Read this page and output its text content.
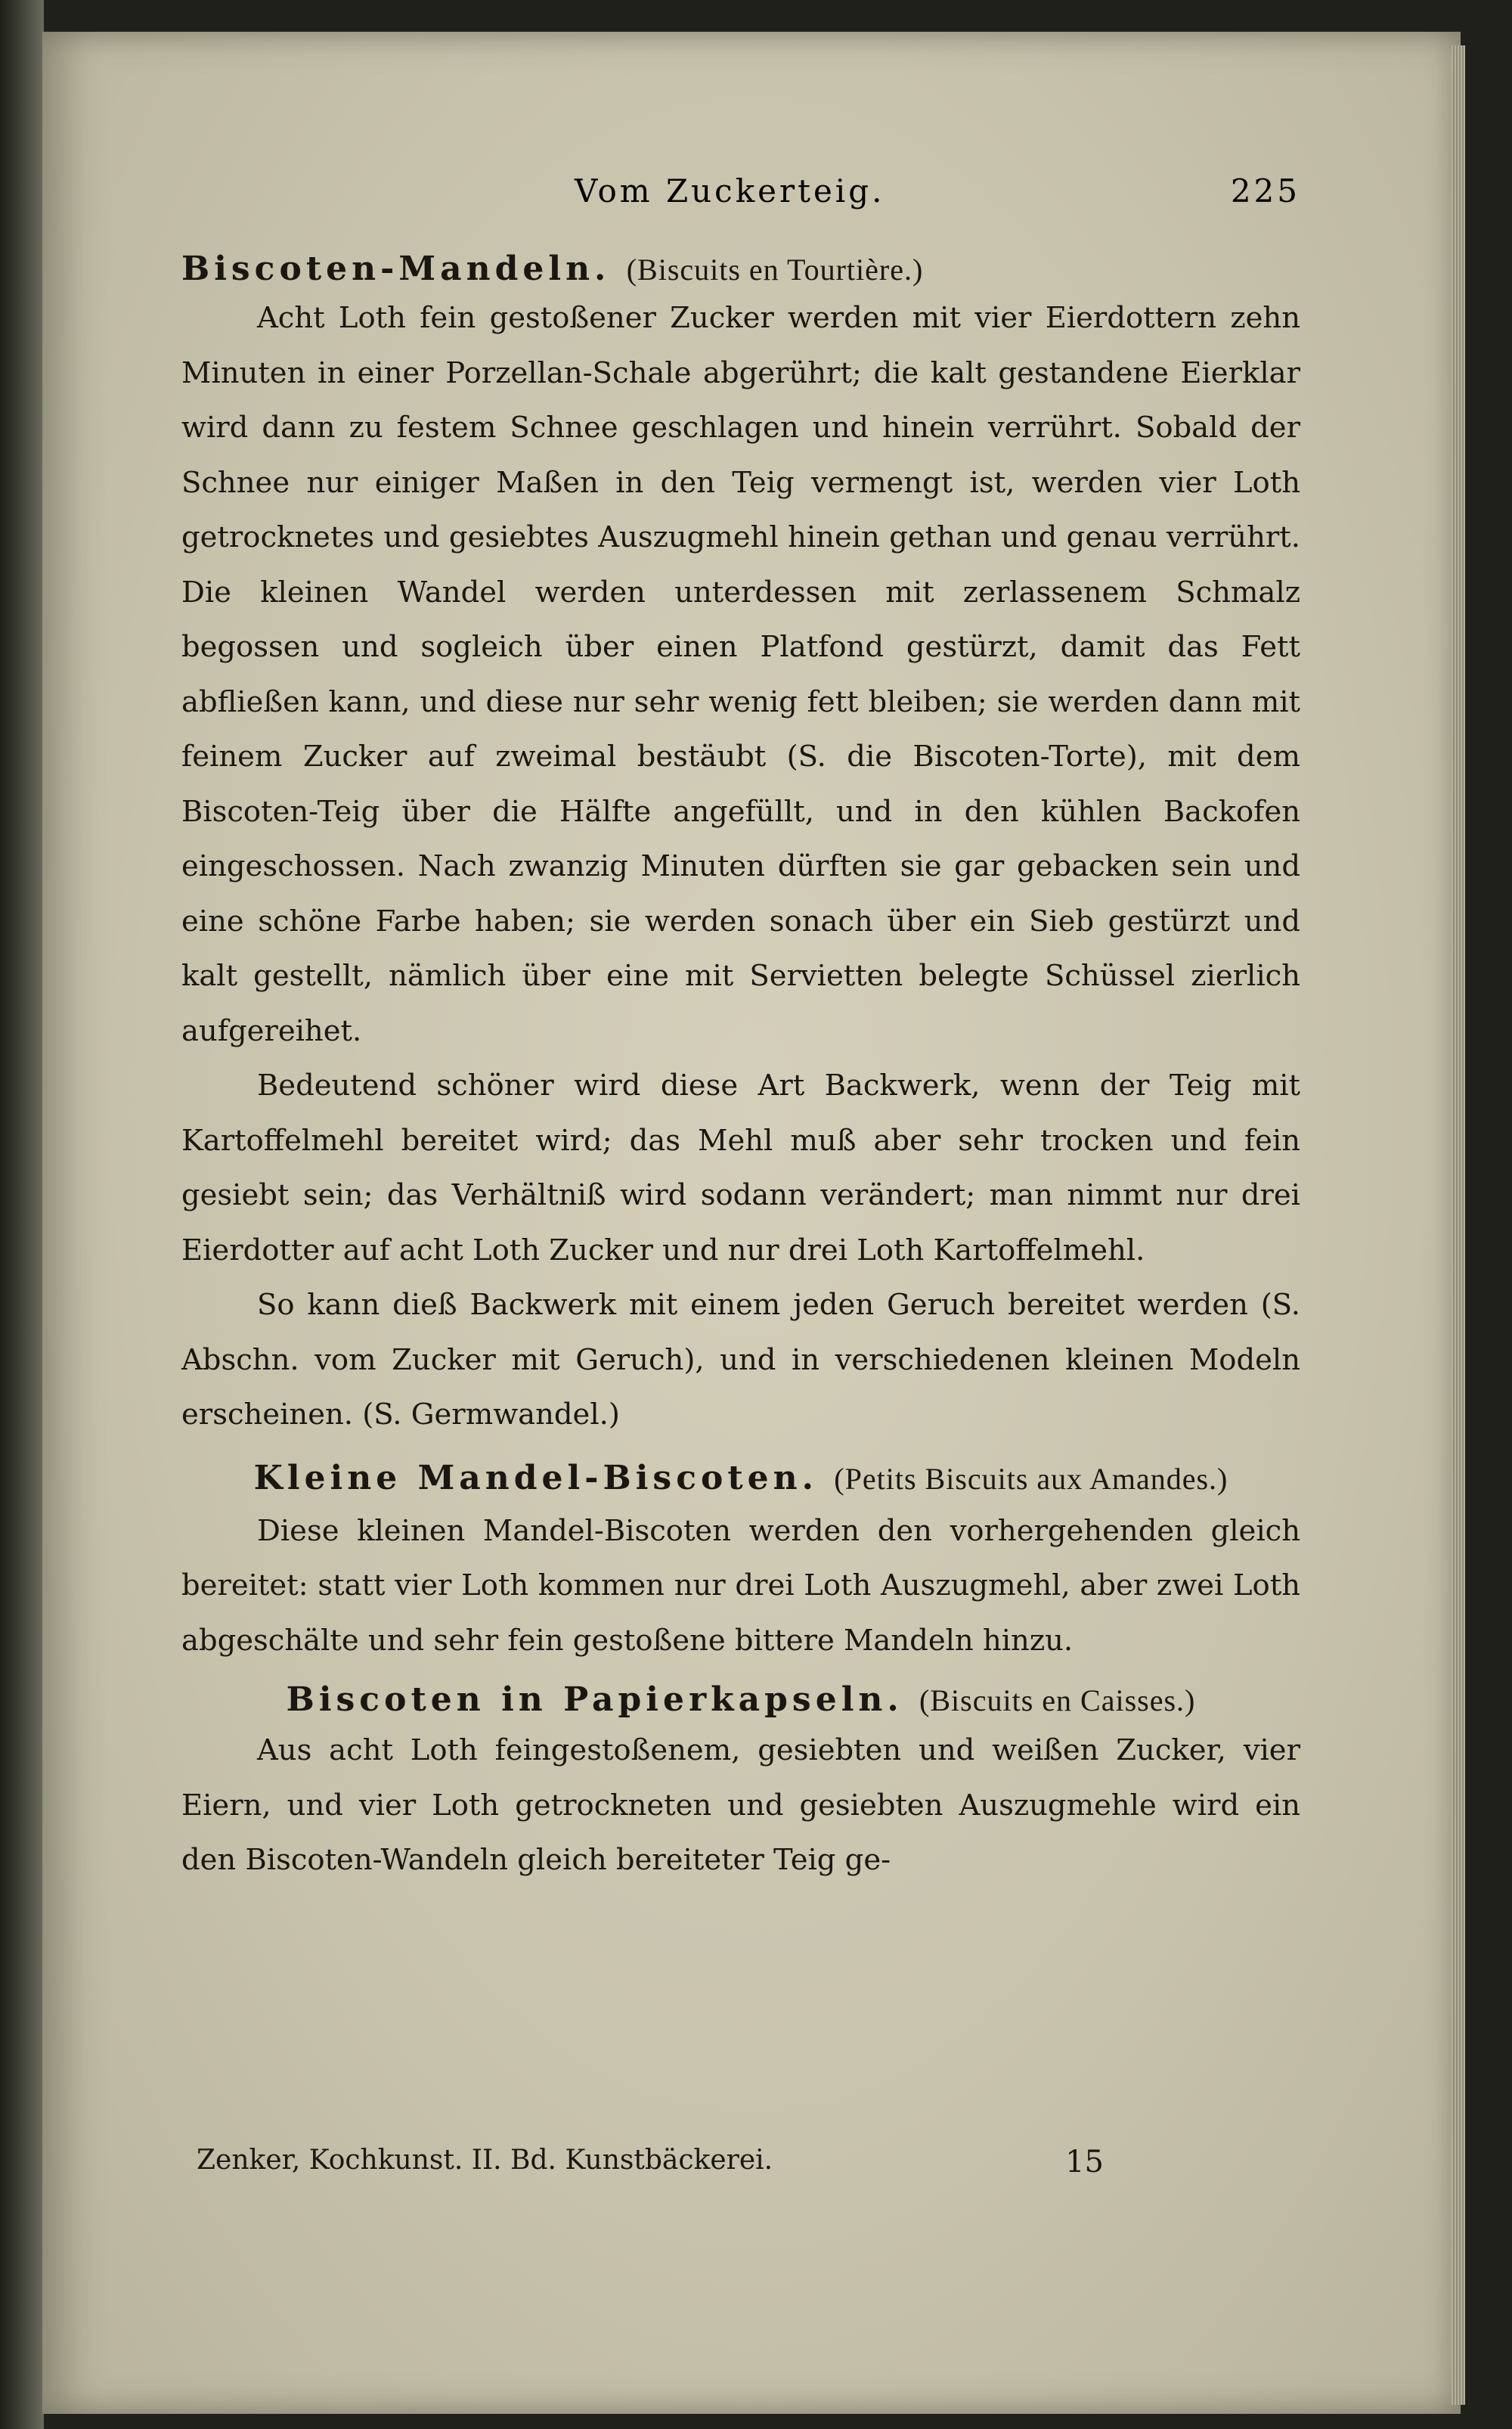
Vom Zuckerteig.	225

Biscoten-Mandeln. (Biscuits en Tourtière.)

Acht Loth fein gestoßener Zucker werden mit vier Eierdottern zehn Minuten in einer Porzellan-Schale abgerührt; die kalt gestandene Eierklar wird dann zu festem Schnee geschlagen und hinein verrührt. Sobald der Schnee nur einiger Maßen in den Teig vermengt ist, werden vier Loth getrocknetes und gesiebtes Auszugmehl hinein gethan und genau verrührt. Die kleinen Wandel werden unterdessen mit zerlassenem Schmalz begossen und sogleich über einen Platfond gestürzt, damit das Fett abfließen kann, und diese nur sehr wenig fett bleiben; sie werden dann mit feinem Zucker auf zweimal bestäubt (S. die Biscoten-Torte), mit dem Biscoten-Teig über die Hälfte angefüllt, und in den kühlen Backofen eingeschossen. Nach zwanzig Minuten dürften sie gar gebacken sein und eine schöne Farbe haben; sie werden sonach über ein Sieb gestürzt und kalt gestellt, nämlich über eine mit Servietten belegte Schüssel zierlich aufgereihet.

Bedeutend schöner wird diese Art Backwerk, wenn der Teig mit Kartoffelmehl bereitet wird; das Mehl muß aber sehr trocken und fein gesiebt sein; das Verhältniß wird sodann verändert; man nimmt nur drei Eierdotter auf acht Loth Zucker und nur drei Loth Kartoffelmehl.

So kann dieß Backwerk mit einem jeden Geruch bereitet werden (S. Abschn. vom Zucker mit Geruch), und in verschiedenen kleinen Modeln erscheinen. (S. Germwandel.)

Kleine Mandel-Biscoten. (Petits Biscuits aux Amandes.)

Diese kleinen Mandel-Biscoten werden den vorhergehenden gleich bereitet: statt vier Loth kommen nur drei Loth Auszugmehl, aber zwei Loth abgeschälte und sehr fein gestoßene bittere Mandeln hinzu.

Biscoten in Papierkapseln. (Biscuits en Caisses.)

Aus acht Loth feingestoßenem, gesiebten und weißen Zucker, vier Eiern, und vier Loth getrockneten und gesiebten Auszugmehle wird ein den Biscoten-Wandeln gleich bereiteter Teig ge-

Zenker, Kochkunst. II. Bd. Kunstbäckerei.	15
